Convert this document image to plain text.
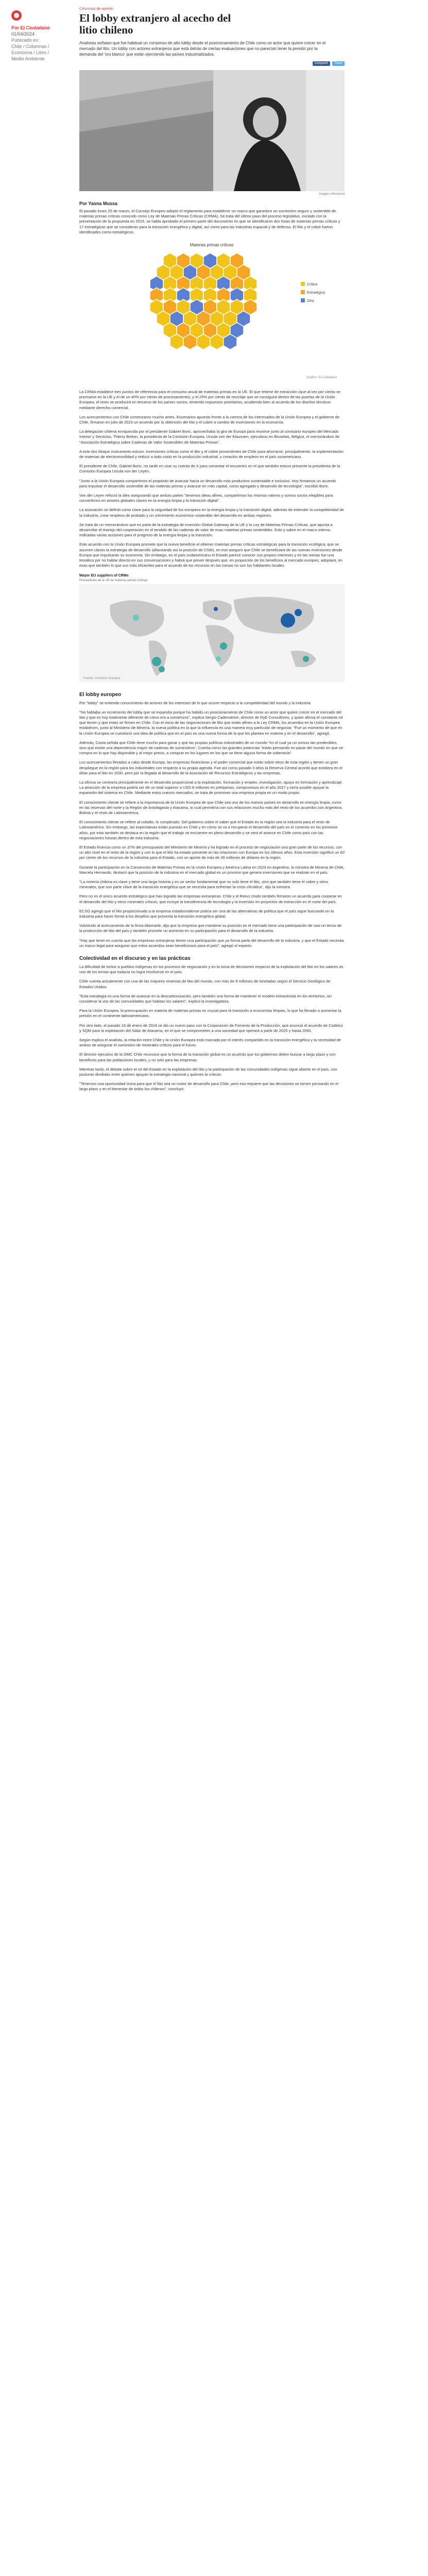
Por El Ciudadano
01/04/2024
Publicado en:
Chile / Columnas / Economía / Libro / Medio Ambiente
Columnas de opinión
El lobby extranjero al acecho del litio chileno

Analistas señalan que fue habitual un consenso de alto lobby desde el posicionamiento de Chile como un actor que quiere crecer en el mercado del litio. Un lobby con actores extranjeros que está detrás de ciertas evaluaciones que no parecían tener la presión por la demanda del 'oro blanco' que están ejerciendo las países industrializados.

Compartir	Tweet
Imagen referencial
Por Yasna Mussa

El pasado lunes 25 de marzo, el Consejo Europeo adoptó el reglamento para establecer un marco que garantice un suministro seguro y sostenible de materias primas críticas conocido como Ley de Materias Primas Críticas (CRMA). Se trata del último paso del proceso legislativo, iniciado con la presentación de la propuesta en 2023, se habla aprobado el primero parte del documento en que se identificaron dos listas de materias primas críticas y 17 estratégicas que se consideran para la transición energética y digital, así como para las industrias espacial y de defensa. El litio y el cobre fueron identificados como estratégicos.

Materias primas críticas
Crítica
Estratégica
Otra
Gráfico: El Ciudadano

La CRMA establece tres puntos de referencia para el consumo anual de materias primas en la UE. El que retiene de extracción (que al vez por ciento se promueve en la UE y el de un 40% por ciento de procesamiento), y el 25% por ciento de reciclaje que se consiguirá dentro de las puertas de la Unión Europea, el resto se producirá en terceros de los países socios, teniendo impuestos prioritarios, acudiendo bien al acuerdo de los diseños técnicos mediante derecho comercial.

Los acercamientos con Chile comenzaron mucho antes. Escenarios apuesto frente a la carrera de los interesados de la Unión Europea y el gobierno de Chile, firmaron en julio de 2023 un acuerdo por la obtención del litio y el cobre a cambio de inversiones en la economía.

La delegación chilena enriquecida por el presidente Gabriel Boric, aprovechaba la gira de Europa para reunirse junto al comisario europeo del Mercado Interior y Servicios, Thierry Breton, la presidenta de la Comisión Europea, Ursula von der Klaussen, ejecutivos en Bruselas, Bélgica, el memorándum de "Asociación Estratégica sobre Cadenas de Valor Sostenibles de Materias Primas".

A este dos bloque instrumento estuvo: inversiones críticas como el litio y el cobre provenientes de Chile para ahorrarse, principalmente, la implementación de materias de electromovilidad y reducir a todo costo en la producción industrial, y creación de empleos en el país suramericano.

El presidente de Chile, Gabriel Boric, no tardó en usar su cuenta de X para comentar el encuentro en el que también estuvo presente la presidenta de la Comisión Europea Ursula von der Leyen.

"Junto a la Unión Europea compartimos el propósito de avanzar hacia un desarrollo más productivo sustentable e inclusivo. Hoy firmamos un acuerdo para impulsar el desarrollo sostenible de las materias primas y avanzar en más capital, como agregado y desarrollo de tecnología", escribió Boric.

Von der Leyen reforzó la idea asegurando que ambas partes "tenemos ideas afines, compartimos los mismos valores y somos socios elegibles para convertirnos en actores globales claves en la energía limpia y la transición digital".

La asociación se definió como clave para la seguridad de los europeos en la energía limpia y la transición digital, además de extender la competitividad de la industria, crear empleos de probado y un crecimiento económico sostenible del desarrollo en ambas regiones.

Se trata de un memorándum que es parte de la estrategia de inversión Global Gateway de la UE y la Ley de Materias Primas Críticas, que apunta a desarrollar el manejo del cooperación en el tendido de las cadenas de valor de esas materias primas sostenibles. Esto y sobre en el marco interno, indicadas varias acciones para el progreso de la energía limpia y la transición.

Este acuerdo con la Unión Europea promete que la nueva beneficie el obtener materias primas críticas estratégicas para la transición ecológica, que se asumen claves la estrategia de desarrollo (afianzando así la posición de Chile), en ese aseguró que Chile se beneficiará de las nuevas inversiones desde Europa que impulsarán su economía. Sin embargo, en el país sudamericano el Estado parece conocer sus propios intereses y en las mesas fue una temática por no hablar directo en sus conversaciones y habrá que prever después que, en proporción de los beneficios al mercado europeo, adoptará, en esas que también lo que sus más eficientes para el acuerdo de los recursos en las mesas no son los habitantes locales.

Mayor EU suppliers of CRMs
Proveedores de la UE de materias primas críticas
Fuente: Comisión Europea
El lobby europeo

Por "lobby" se entiende conocimiento de actores de los intereses de lo que ocurre respecto a la competitividad del mundo y la industria.

"No hablaba un incremento del lobby que se expandía porque ha habido un posicionamiento de Chile como un actor que quiere crecer en el mercado del litio y que es hoy totalmente diferente de cómo era a comienzos", explica Sergio Cademártori, director de RyE Consultores, y quien afirma el constante rol que tienen y que estas se firmen en Chile. Con el inicio de las negociaciones de litio que están afines a la Ley CRMA, los acuerdos en la Unión Europea establecen, junto al Ministerio de Minería, la nueva política en la que la influencia es una manera muy particular de negociar. "Fue un momento de que en la Unión Europea se cuestionó una idea de política que en el país es una nueva forma de la que les plantea en materia y en el desarrollo", agregó.

Además, Costa señala que Chile tiene mucho para ganar y que las propias políticas industriales de un mundo "en el cual ya no somos tan predecibles, sino que existe una dependencia mayor de cadenas de suministros". Cuenta cómo las grandes potencias "están pensando en pasar del mundo en que se compra en lo que hay disponible y al mejor precio, a comprar en los lugares en los que se tiene alguna forma de soberanía".

Los acercamientos llevados a cabo desde Europa, las empresas financieras y el poder comercial que están sobre otros de esta región y tienen un gran despliegue en la región para los industriales con respecto a su propia agenda. Fue así como pasado 3 años la Reserva Central acordó que existiera en el dólar para el litio en 2030, pero por la llegada al desarrollo de la Asociación de Recursos Estratégicos y las empresas.

La oficina se centraría principalmente en el desarrollo proporcional a la explotación, formación y empleo, investigación, apoyo en formación y aprendizaje. La atracción de la empresa podría ser de un total superior a USD 8 millones en préstamos, compromisos en el año 2027 y sería posible apoyar la expansión del sistema en Chile. Mediante estos nuevos mercados, se trata de promover una empresa propia en un modo propio.

El conocimiento cliente se refiere a la importancia de la Unión Europea de que Chile sea uno de los nuevos países en desarrollo en energía limpia, como en las reservas del norte y la Región de Antofagasta y Atacama, lo cual permitiría con sus relaciones mucho más del resto de los acuerdos con Argentina, Bolivia y el resto de Latinoamérica.

El conocimiento cliente se refiere al cobalto, lo complicado. Del gobierno sobre el saber qué el Estado en la región sea la industria para el resto de Latinoamérica. Sin embargo, las expectativas están puestas en Chile y en cómo se va a recuperar el desarrollo del país en el contexto en los próximos años, por esto también se destaca en la región que el trabajo se encuentre en pleno desarrollo y se verá el avance en Chile como país con las negociaciones futuras dentro de esta industria.

El Estado financia como un 37% del presupuesto del Ministerio de Minería y ha logrado en el proceso de negociación una gran parte de los recursos, con un alto nivel en el resto de la región y con lo que el litio ha estado presente en las relaciones con Europa en los últimos años. Esta inversión significó un 60 por ciento de los recursos de la industria para el Estado, con un aporte de más de 30 millones de dólares en la región.

Durante la participación en la Convención de Materias Primas en la Unión Europea y América Latina en 2023 en Argentina, la ministra de Minería de Chile, Marcela Hernando, destacó que la posición de la industria en el mercado global es un proceso que genera inversiones que se realizan en el país.

"La minería chilena es clave y tiene una larga historia y es un sector fundamental que no solo tiene el litio, sino que también tiene el cobre y otros minerales, que son parte clave de la transición energética que se necesita para enfrentar la crisis climática", dijo la ministra.

Pero no es el único acuerdo estratégico que han logrado las empresas extranjeras. Chile y el Reino Unido también firmaron un acuerdo para cooperar en el desarrollo del litio y otros minerales críticos, que incluye la transferencia de tecnología y la inversión en proyectos de extracción en el norte del país.

ECSG agregó que el litio proporcionado a la empresa estadounidense podría ser una de las alternativas de política que el país sigue buscando en la industria para hacer frente a los desafíos que presenta la transición energética global.

Volviendo al acercamiento de la firma Abemarle, dijo que la empresa que mantiene su posición en el mercado tiene una participación de casi un tercio de la producción de litio del país y también promete un aumento en su participación para el desarrollo de la industria.

"Hay que tener en cuenta que las empresas extranjeras tienen una participación que ya forma parte del desarrollo de la industria, y que el Estado necesita un marco legal para asegurar que estos acuerdos sean beneficiosos para el país", agregó el experto.

Colectividad en el discurso y en las prácticas

La dificultad de incluir a pueblos indígenas en los procesos de negociación y en la toma de decisiones respecto de la explotación del litio en los salares es uno de los temas que todavía no logra resolverse en el país.

Chile cuenta actualmente con una de las mayores reservas de litio del mundo, con más de 9 millones de toneladas según el Servicio Geológico de Estados Unidos.

"Esta estrategia es una forma de avanzar en la descarbonización, pero también una forma de mantener el modelo extractivista en los territorios, sin considerar la voz de las comunidades que habitan los salares", explicó la investigadora.

Para la Unión Europea, la preocupación en materia de materias primas es crucial para la transición a economías limpias, lo que ha llevado a aumentar la presión en el continente latinoamericano.

Por otro lado, el pasado 18 de enero de 2024 se dio un nuevo paso con la Corporación de Fomento de la Producción, que anunció el acuerdo de Codelco y SQM para la explotación del Salar de Atacama, en el que se comprometen a una sociedad que operará a partir de 2025 y hasta 2060.

Según explica el analista, la relación entre Chile y la Unión Europea está marcada por el interés compartido en la transición energética y la necesidad de ambos de asegurar el suministro de minerales críticos para el futuro.

El director ejecutivo de la OMC Chile reconoce que la forma de la transición global es un acuerdo que los gobiernos deben buscar a largo plazo y con beneficios para las poblaciones locales, y no solo para las empresas.

Mientras tanto, el debate sobre el rol del Estado en la explotación del litio y la participación de las comunidades indígenas sigue abierto en el país, con posturas divididas entre quienes apoyan la estrategia nacional y quienes la critican.

"Tenemos una oportunidad única para que el litio sea un motor de desarrollo para Chile, pero eso requiere que las decisiones se tomen pensando en el largo plazo y en el bienestar de todos los chilenos", concluyó.
